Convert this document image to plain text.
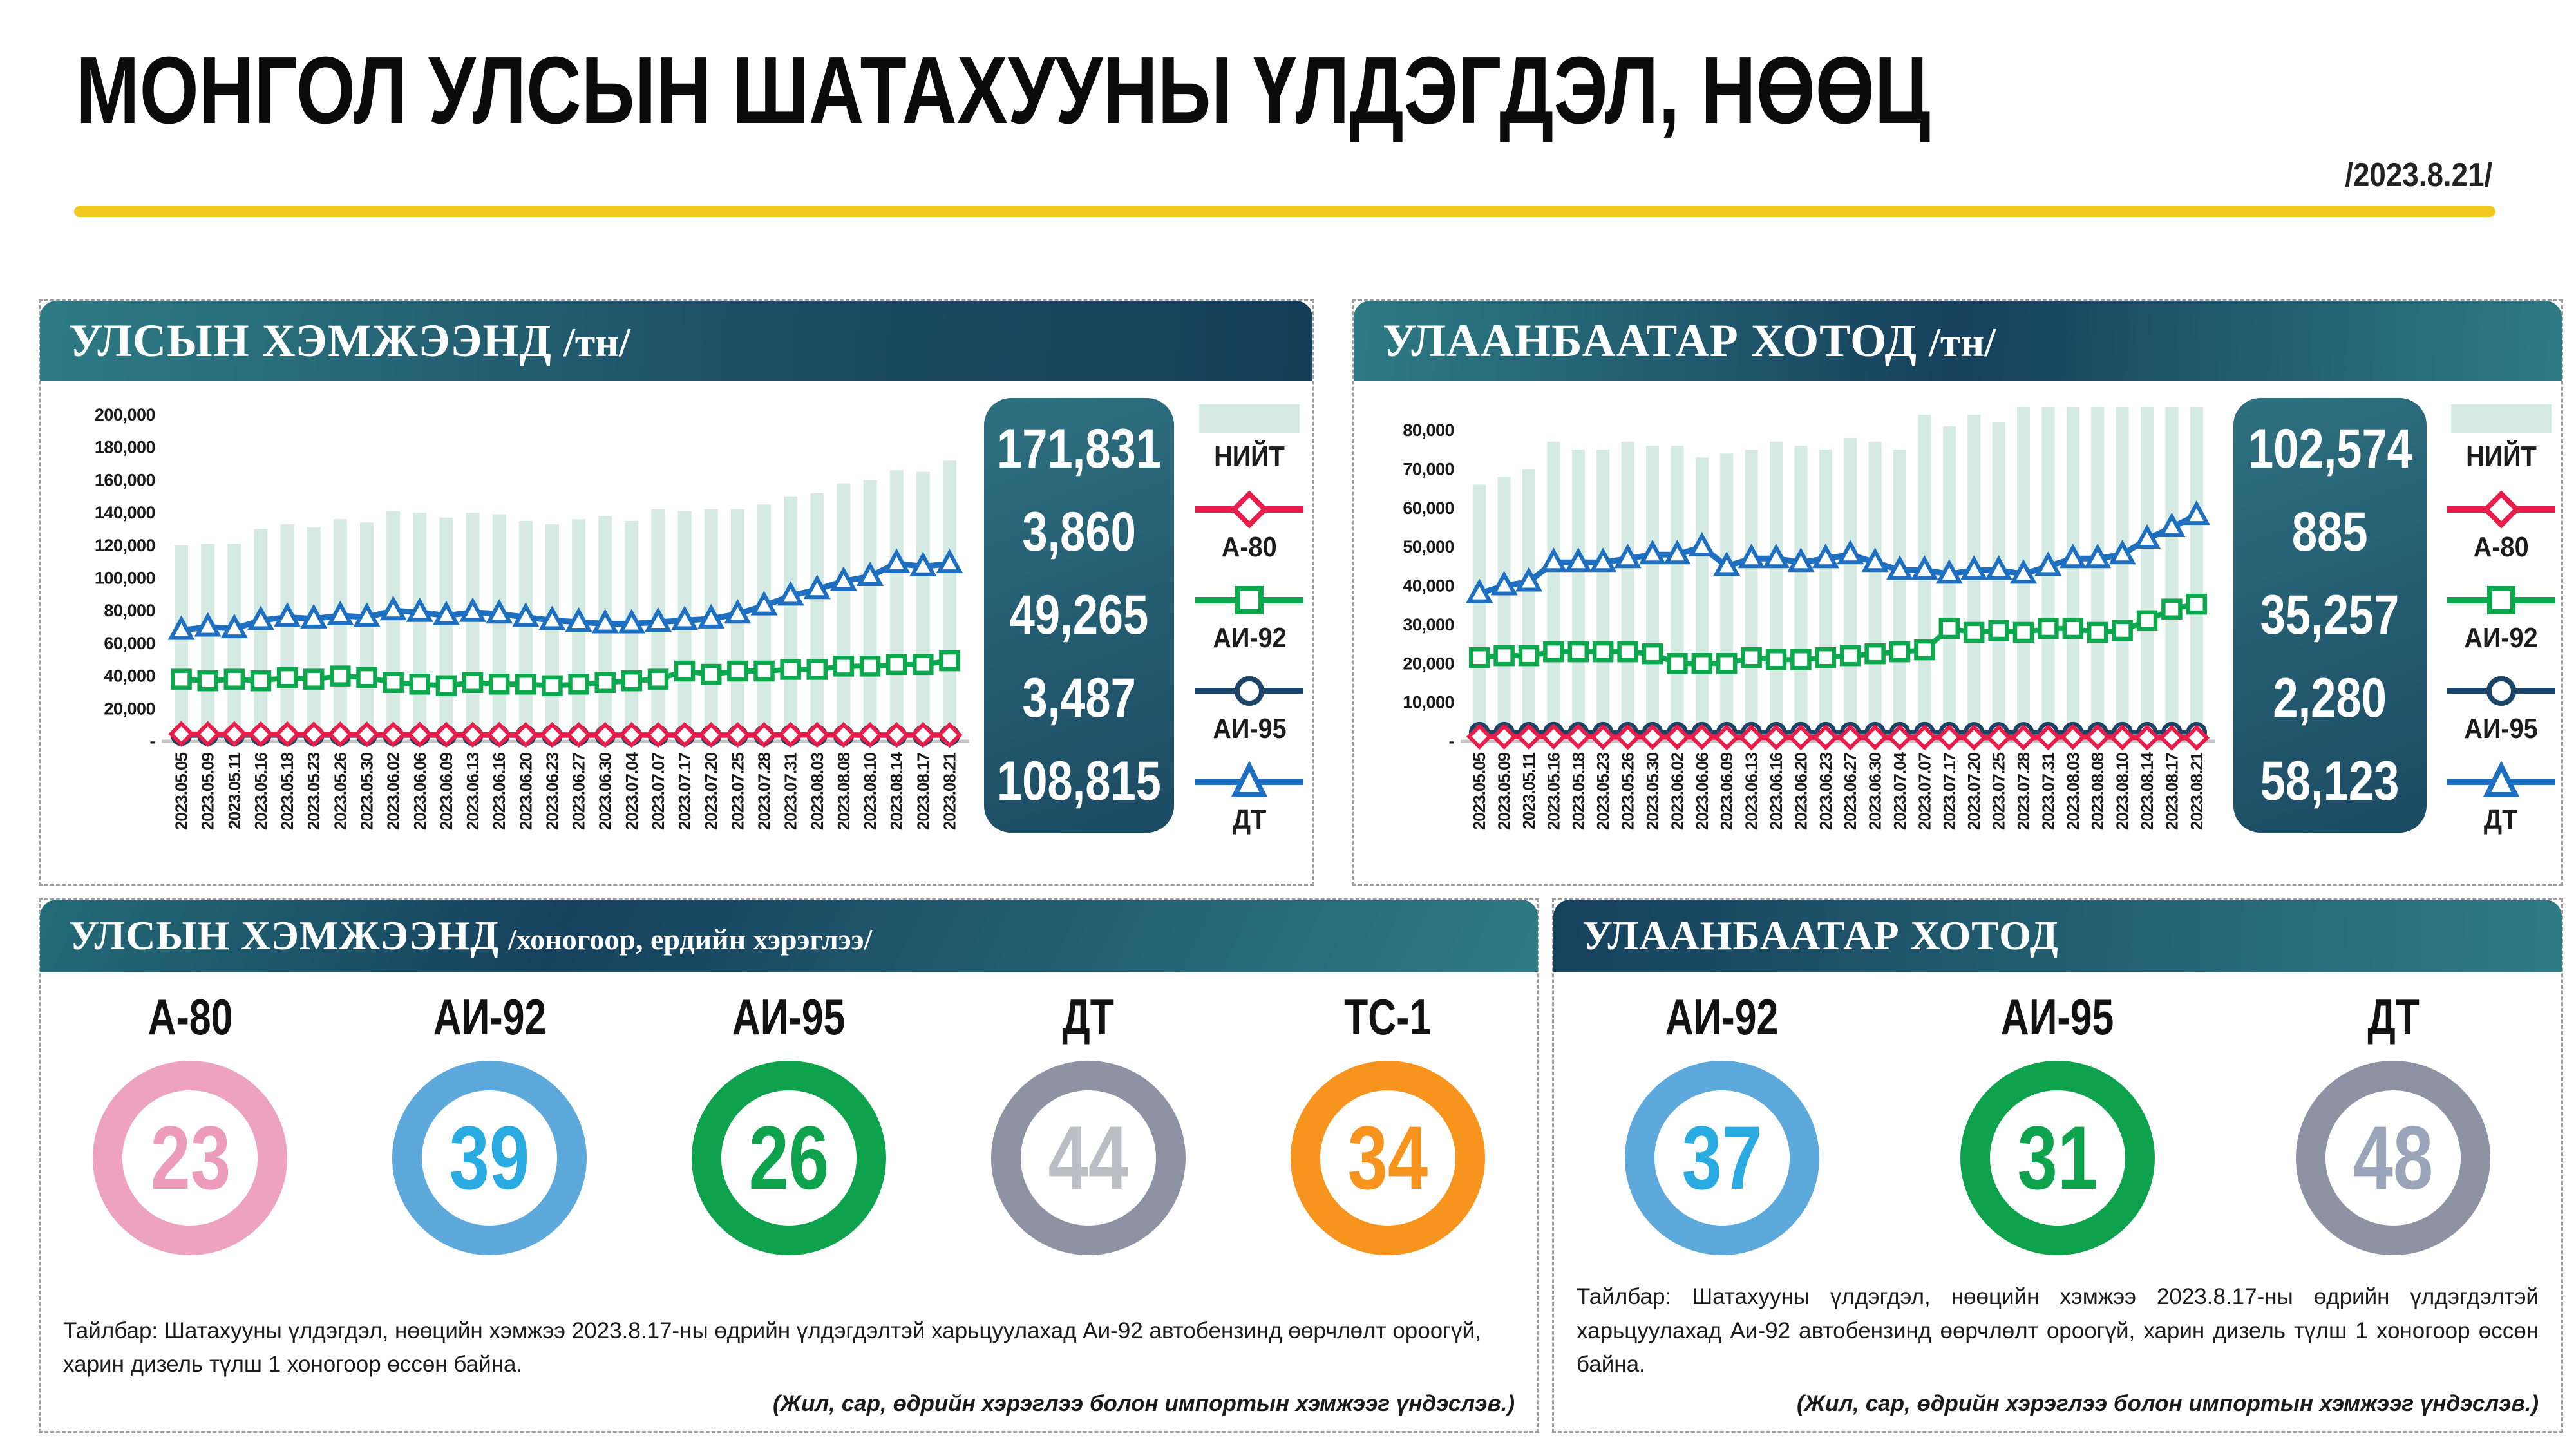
МОНГОЛ УЛСЫН ШАТАХУУНЫ ҮЛДЭГДЭЛ, НӨӨЦ
/2023.8.21/
УЛСЫН ХЭМЖЭЭНД /тн/
200,000
180,000
160,000
140,000
120,000
100,000
80,000
60,000
40,000
20,000
-
2023.05.05 2023.05.09 2023.05.11 2023.05.16 2023.05.18 2023.05.23 2023.05.26 2023.05.30 2023.06.02 2023.06.06 2023.06.09 2023.06.13 2023.06.16 2023.06.20 2023.06.23 2023.06.27 2023.06.30 2023.07.04 2023.07.07 2023.07.17 2023.07.20 2023.07.25 2023.07.28 2023.07.31 2023.08.03 2023.08.08 2023.08.10 2023.08.14 2023.08.17 2023.08.21
171,831
3,860
49,265
3,487
108,815
НИЙТ
А-80
АИ-92
АИ-95
ДТ
УЛААНБААТАР ХОТОД /тн/
80,000
70,000
60,000
50,000
40,000
30,000
20,000
10,000
-
2023.05.05 2023.05.09 2023.05.11 2023.05.16 2023.05.18 2023.05.23 2023.05.26 2023.05.30 2023.06.02 2023.06.06 2023.06.09 2023.06.13 2023.06.16 2023.06.20 2023.06.23 2023.06.27 2023.06.30 2023.07.04 2023.07.07 2023.07.17 2023.07.20 2023.07.25 2023.07.28 2023.07.31 2023.08.03 2023.08.08 2023.08.10 2023.08.14 2023.08.17 2023.08.21
102,574
885
35,257
2,280
58,123
НИЙТ
А-80
АИ-92
АИ-95
ДТ
УЛСЫН ХЭМЖЭЭНД /хоногоор, ердийн хэрэглээ/
А-80
23
АИ-92
39
АИ-95
26
ДТ
44
ТС-1
34
Тайлбар: Шатахууны үлдэгдэл, нөөцийн хэмжээ 2023.8.17-ны өдрийн үлдэгдэлтэй харьцуулахад Аи-92 автобензинд өөрчлөлт ороогүй, харин дизель түлш 1 хоногоор өссөн байна.
(Жил, сар, өдрийн хэрэглээ болон импортын хэмжээг үндэслэв.)
УЛААНБААТАР ХОТОД
АИ-92
37
АИ-95
31
ДТ
48
Тайлбар: Шатахууны үлдэгдэл, нөөцийн хэмжээ 2023.8.17-ны өдрийн үлдэгдэлтэй харьцуулахад Аи-92 автобензинд өөрчлөлт ороогүй, харин дизель түлш 1 хоногоор өссөн байна.
(Жил, сар, өдрийн хэрэглээ болон импортын хэмжээг үндэслэв.)
